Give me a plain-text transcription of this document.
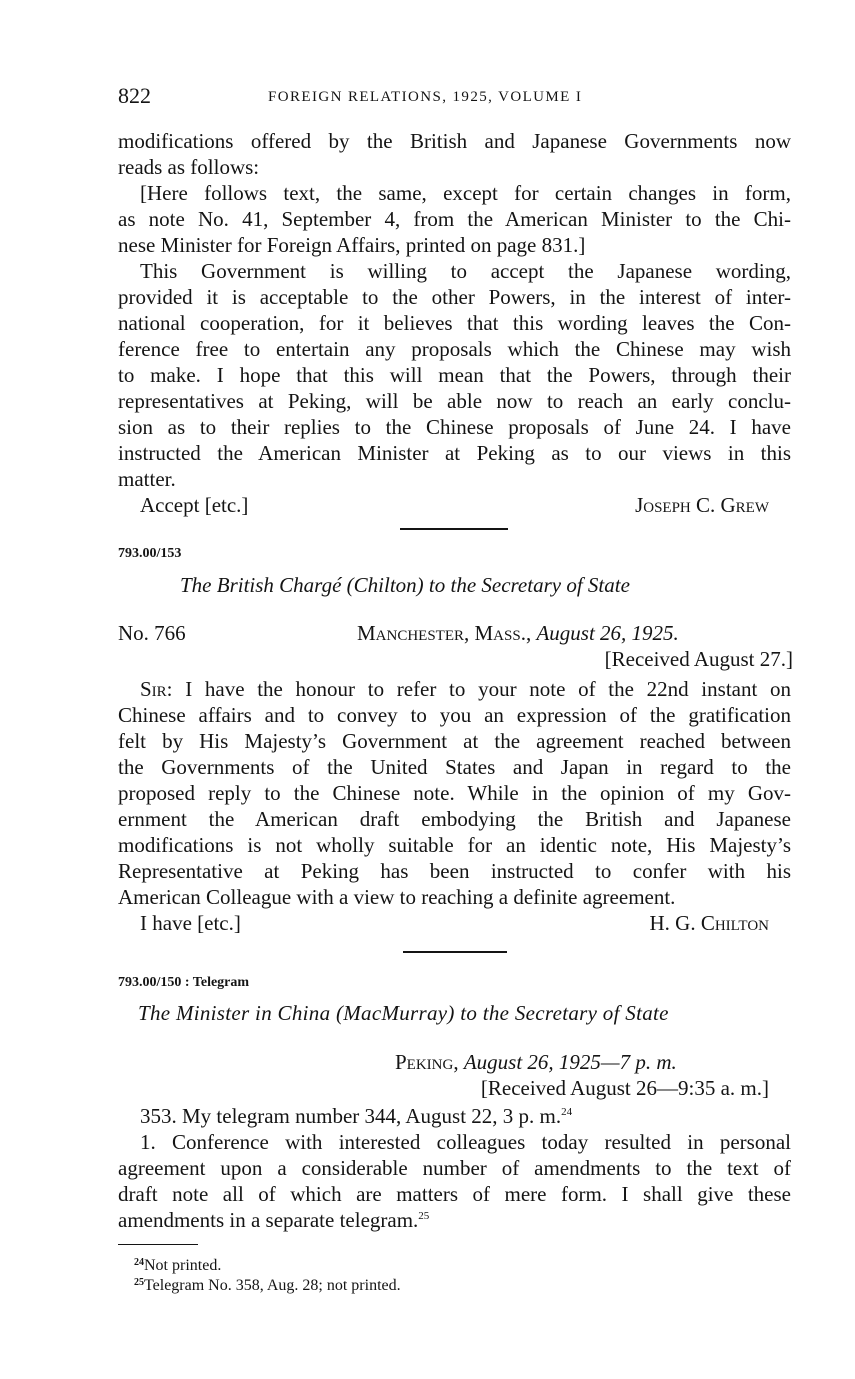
822	FOREIGN RELATIONS, 1925, VOLUME I
modifications offered by the British and Japanese Governments now
reads as follows:
[Here follows text, the same, except for certain changes in form,
as note No. 41, September 4, from the American Minister to the Chi-
nese Minister for Foreign Affairs, printed on page 831.]
This Government is willing to accept the Japanese wording,
provided it is acceptable to the other Powers, in the interest of inter-
national cooperation, for it believes that this wording leaves the Con-
ference free to entertain any proposals which the Chinese may wish
to make. I hope that this will mean that the Powers, through their
representatives at Peking, will be able now to reach an early conclu-
sion as to their replies to the Chinese proposals of June 24. I have
instructed the American Minister at Peking as to our views in this
matter.
Accept [etc.]	Joseph C. Grew
793.00/153
The British Chargé (Chilton) to the Secretary of State
No. 766	Manchester, Mass., August 26, 1925.
[Received August 27.]
Sir: I have the honour to refer to your note of the 22nd instant on
Chinese affairs and to convey to you an expression of the gratification
felt by His Majesty’s Government at the agreement reached between
the Governments of the United States and Japan in regard to the
proposed reply to the Chinese note. While in the opinion of my Gov-
ernment the American draft embodying the British and Japanese
modifications is not wholly suitable for an identic note, His Majesty’s
Representative at Peking has been instructed to confer with his
American Colleague with a view to reaching a definite agreement.
I have [etc.]	H. G. Chilton
793.00/150 : Telegram
The Minister in China (MacMurray) to the Secretary of State
Peking, August 26, 1925—7 p. m.
[Received August 26—9:35 a. m.]
353. My telegram number 344, August 22, 3 p. m.$^{24}$
1. Conference with interested colleagues today resulted in personal
agreement upon a considerable number of amendments to the text of
draft note all of which are matters of mere form. I shall give these
amendments in a separate telegram.$^{25}$
$^{24}$Not printed.
$^{25}$Telegram No. 358, Aug. 28; not printed.
